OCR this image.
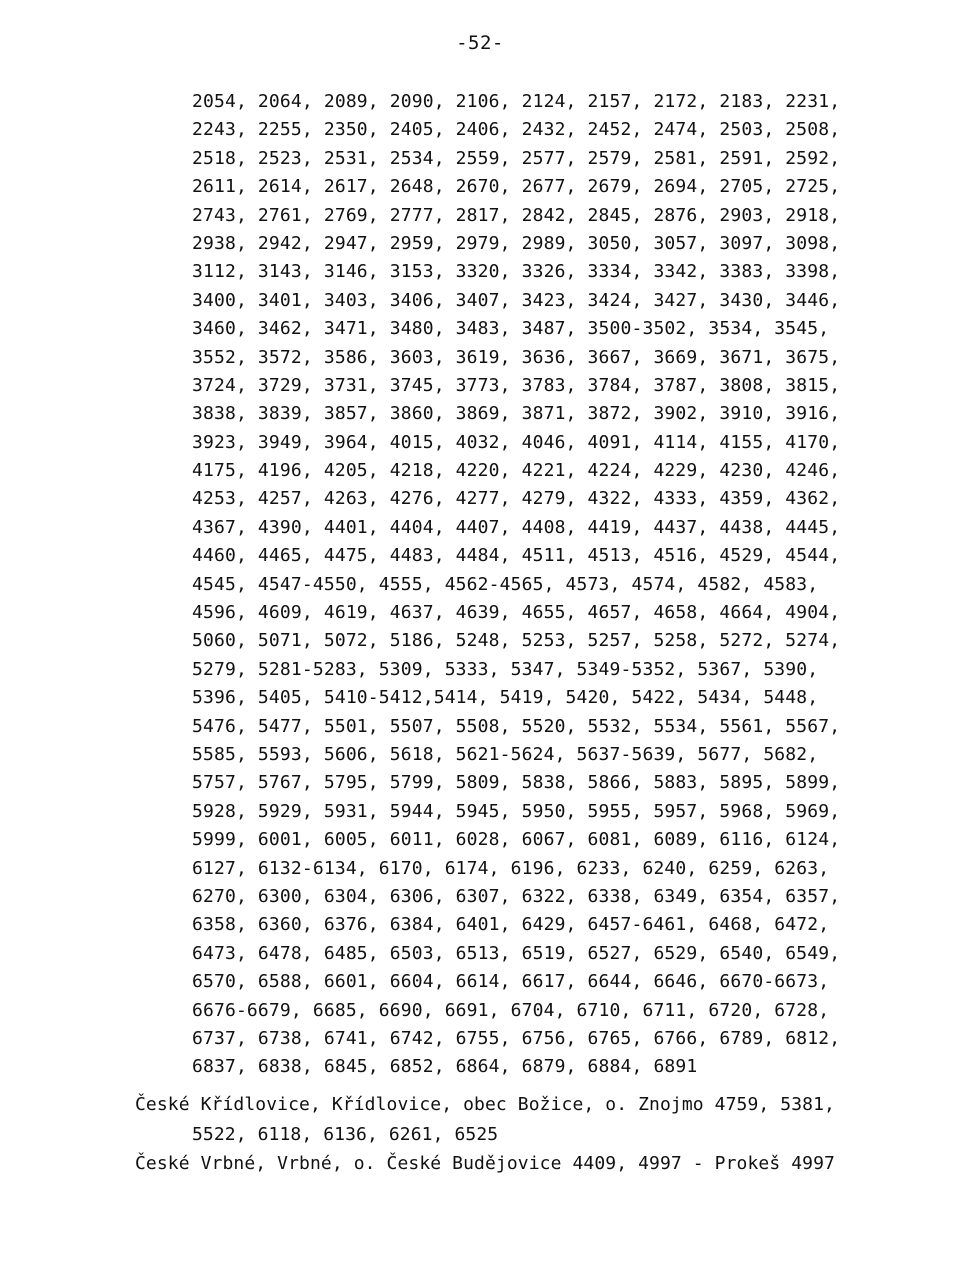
-52-
2054, 2064, 2089, 2090, 2106, 2124, 2157, 2172, 2183, 2231,
2243, 2255, 2350, 2405, 2406, 2432, 2452, 2474, 2503, 2508,
2518, 2523, 2531, 2534, 2559, 2577, 2579, 2581, 2591, 2592,
2611, 2614, 2617, 2648, 2670, 2677, 2679, 2694, 2705, 2725,
2743, 2761, 2769, 2777, 2817, 2842, 2845, 2876, 2903, 2918,
2938, 2942, 2947, 2959, 2979, 2989, 3050, 3057, 3097, 3098,
3112, 3143, 3146, 3153, 3320, 3326, 3334, 3342, 3383, 3398,
3400, 3401, 3403, 3406, 3407, 3423, 3424, 3427, 3430, 3446,
3460, 3462, 3471, 3480, 3483, 3487, 3500-3502, 3534, 3545,
3552, 3572, 3586, 3603, 3619, 3636, 3667, 3669, 3671, 3675,
3724, 3729, 3731, 3745, 3773, 3783, 3784, 3787, 3808, 3815,
3838, 3839, 3857, 3860, 3869, 3871, 3872, 3902, 3910, 3916,
3923, 3949, 3964, 4015, 4032, 4046, 4091, 4114, 4155, 4170,
4175, 4196, 4205, 4218, 4220, 4221, 4224, 4229, 4230, 4246,
4253, 4257, 4263, 4276, 4277, 4279, 4322, 4333, 4359, 4362,
4367, 4390, 4401, 4404, 4407, 4408, 4419, 4437, 4438, 4445,
4460, 4465, 4475, 4483, 4484, 4511, 4513, 4516, 4529, 4544,
4545, 4547-4550, 4555, 4562-4565, 4573, 4574, 4582, 4583,
4596, 4609, 4619, 4637, 4639, 4655, 4657, 4658, 4664, 4904,
5060, 5071, 5072, 5186, 5248, 5253, 5257, 5258, 5272, 5274,
5279, 5281-5283, 5309, 5333, 5347, 5349-5352, 5367, 5390,
5396, 5405, 5410-5412,5414, 5419, 5420, 5422, 5434, 5448,
5476, 5477, 5501, 5507, 5508, 5520, 5532, 5534, 5561, 5567,
5585, 5593, 5606, 5618, 5621-5624, 5637-5639, 5677, 5682,
5757, 5767, 5795, 5799, 5809, 5838, 5866, 5883, 5895, 5899,
5928, 5929, 5931, 5944, 5945, 5950, 5955, 5957, 5968, 5969,
5999, 6001, 6005, 6011, 6028, 6067, 6081, 6089, 6116, 6124,
6127, 6132-6134, 6170, 6174, 6196, 6233, 6240, 6259, 6263,
6270, 6300, 6304, 6306, 6307, 6322, 6338, 6349, 6354, 6357,
6358, 6360, 6376, 6384, 6401, 6429, 6457-6461, 6468, 6472,
6473, 6478, 6485, 6503, 6513, 6519, 6527, 6529, 6540, 6549,
6570, 6588, 6601, 6604, 6614, 6617, 6644, 6646, 6670-6673,
6676-6679, 6685, 6690, 6691, 6704, 6710, 6711, 6720, 6728,
6737, 6738, 6741, 6742, 6755, 6756, 6765, 6766, 6789, 6812,
6837, 6838, 6845, 6852, 6864, 6879, 6884, 6891
České Křídlovice, Křídlovice, obec Božice, o. Znojmo 4759, 5381,
5522, 6118, 6136, 6261, 6525
České Vrbné, Vrbné, o. České Budějovice 4409, 4997 - Prokeš 4997
